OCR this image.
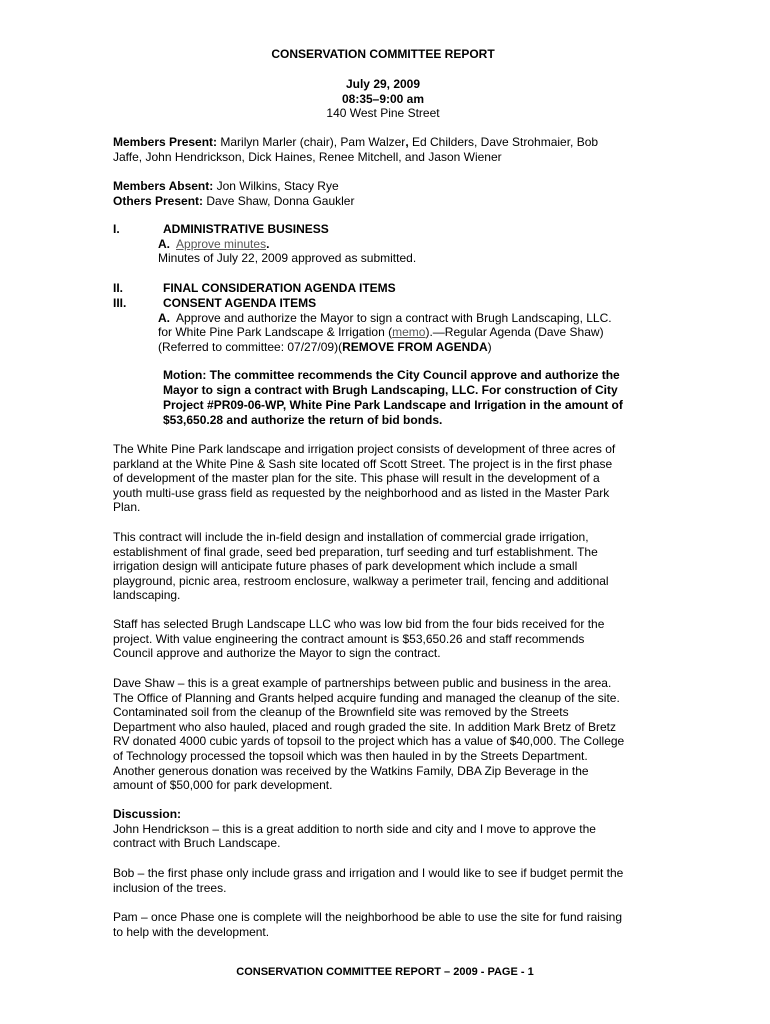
CONSERVATION COMMITTEE REPORT
July 29, 2009
08:35–9:00 am
140 West Pine Street

Members Present: Marilyn Marler (chair), Pam Walzer, Ed Childers, Dave Strohmaier, Bob

Jaffe, John Hendrickson, Dick Haines, Renee Mitchell, and Jason Wiener

Members Absent: Jon Wilkins, Stacy Rye

Others Present: Dave Shaw, Donna Gaukler

I.	ADMINISTRATIVE BUSINESS

A. Approve minutes.

Minutes of July 22, 2009 approved as submitted.

II.	FINAL CONSIDERATION AGENDA ITEMS
III.	CONSENT AGENDA ITEMS

A. Approve and authorize the Mayor to sign a contract with Brugh Landscaping, LLC.

for White Pine Park Landscape & Irrigation (memo).—Regular Agenda (Dave Shaw)

(Referred to committee: 07/27/09)(REMOVE FROM AGENDA)

Motion: The committee recommends the City Council approve and authorize the

Mayor to sign a contract with Brugh Landscaping, LLC. For construction of City

Project #PR09-06-WP, White Pine Park Landscape and Irrigation in the amount of

$53,650.28 and authorize the return of bid bonds.

The White Pine Park landscape and irrigation project consists of development of three acres of

parkland at the White Pine & Sash site located off Scott Street. The project is in the first phase

of development of the master plan for the site. This phase will result in the development of a

youth multi-use grass field as requested by the neighborhood and as listed in the Master Park

Plan.

This contract will include the in-field design and installation of commercial grade irrigation,

establishment of final grade, seed bed preparation, turf seeding and turf establishment. The

irrigation design will anticipate future phases of park development which include a small

playground, picnic area, restroom enclosure, walkway a perimeter trail, fencing and additional

landscaping.

Staff has selected Brugh Landscape LLC who was low bid from the four bids received for the

project. With value engineering the contract amount is $53,650.26 and staff recommends

Council approve and authorize the Mayor to sign the contract.

Dave Shaw – this is a great example of partnerships between public and business in the area.

The Office of Planning and Grants helped acquire funding and managed the cleanup of the site.

Contaminated soil from the cleanup of the Brownfield site was removed by the Streets

Department who also hauled, placed and rough graded the site. In addition Mark Bretz of Bretz

RV donated 4000 cubic yards of topsoil to the project which has a value of $40,000. The College

of Technology processed the topsoil which was then hauled in by the Streets Department.

Another generous donation was received by the Watkins Family, DBA Zip Beverage in the

amount of $50,000 for park development.

Discussion:

John Hendrickson – this is a great addition to north side and city and I move to approve the

contract with Bruch Landscape.

Bob – the first phase only include grass and irrigation and I would like to see if budget permit the

inclusion of the trees.

Pam – once Phase one is complete will the neighborhood be able to use the site for fund raising

to help with the development.

CONSERVATION COMMITTEE REPORT – 2009 - PAGE - 1
